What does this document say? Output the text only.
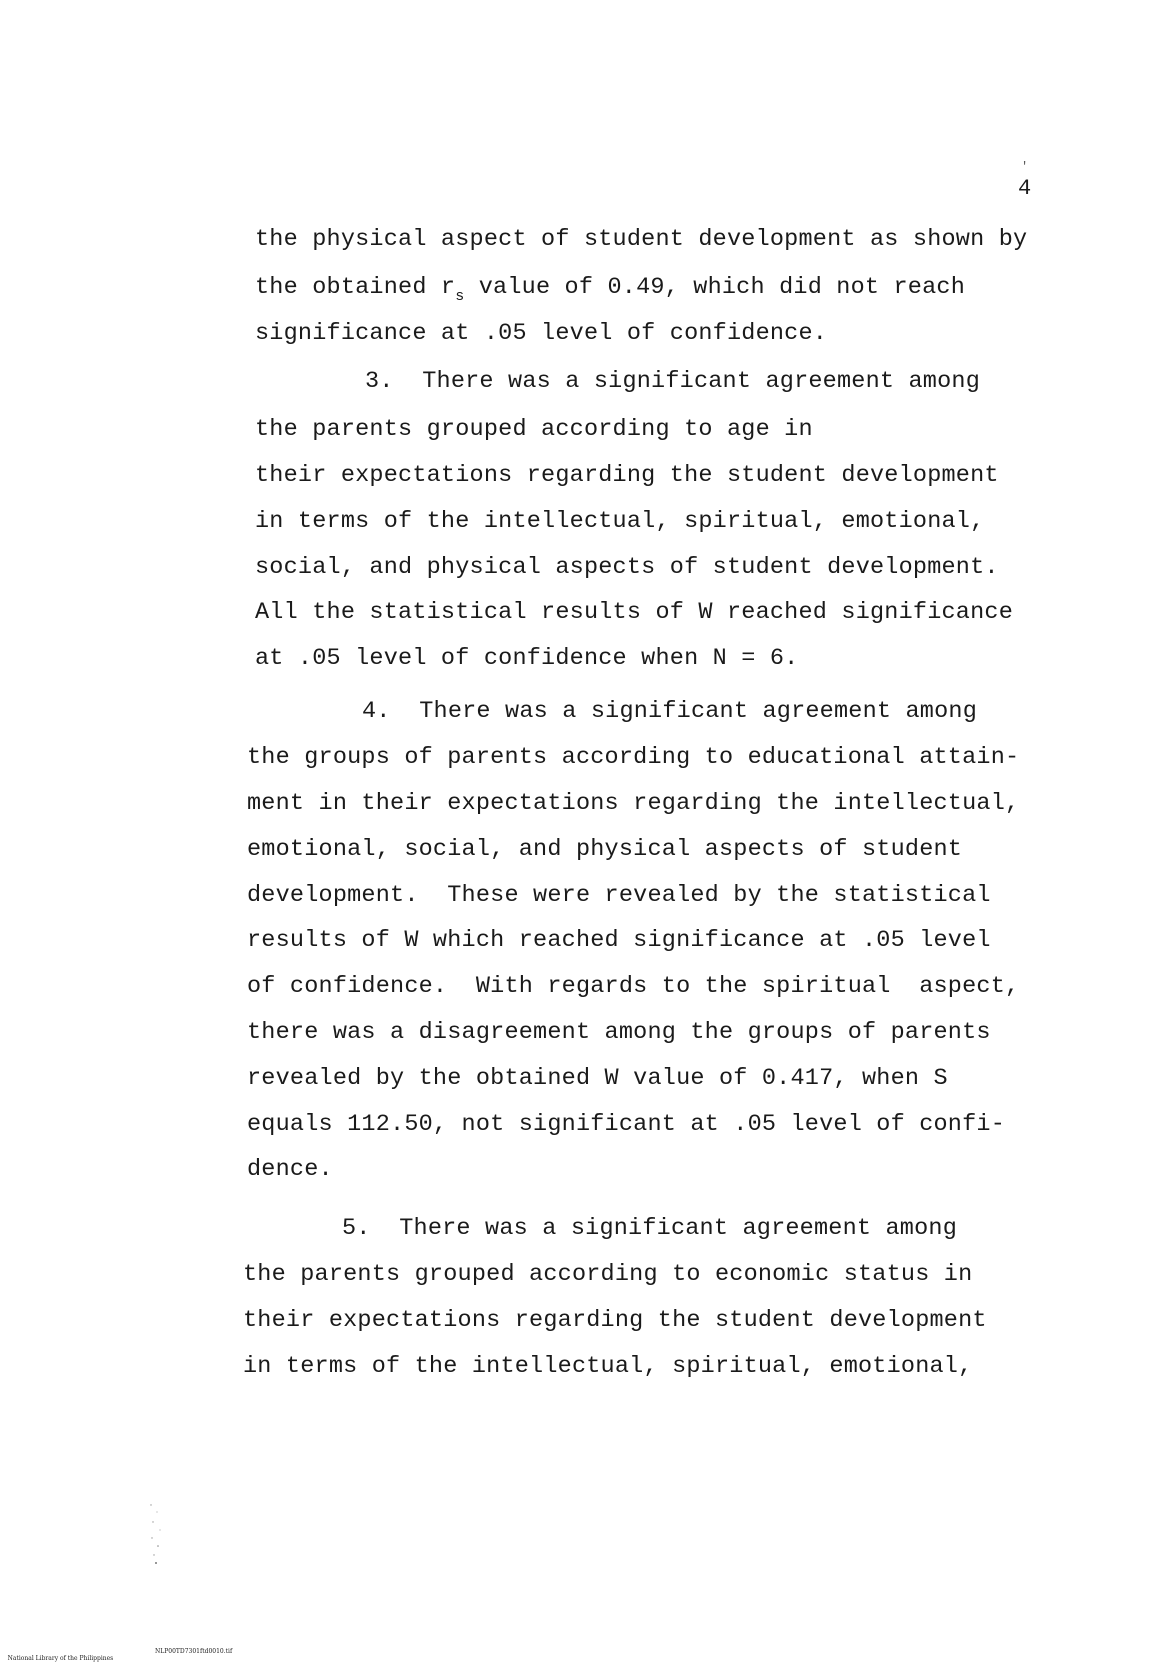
'
4
the physical aspect of student development as shown by
the obtained $r_s$ value of 0.49, which did not reach
significance at .05 level of confidence.
3.  There was a significant agreement among
the parents grouped according to age in
their expectations regarding the student development
in terms of the intellectual, spiritual, emotional,
social, and physical aspects of student development.
All the statistical results of W reached significance
at .05 level of confidence when N = 6.
4.  There was a significant agreement among
the groups of parents according to educational attain-
ment in their expectations regarding the intellectual,
emotional, social, and physical aspects of student
development.  These were revealed by the statistical
results of W which reached significance at .05 level
of confidence.  With regards to the spiritual  aspect,
there was a disagreement among the groups of parents
revealed by the obtained W value of 0.417, when S
equals 112.50, not significant at .05 level of confi-
dence.
5.  There was a significant agreement among
the parents grouped according to economic status in
their expectations regarding the student development
in terms of the intellectual, spiritual, emotional,

National Library of the Philippines

NLP00TD7301ftd0010.tif
